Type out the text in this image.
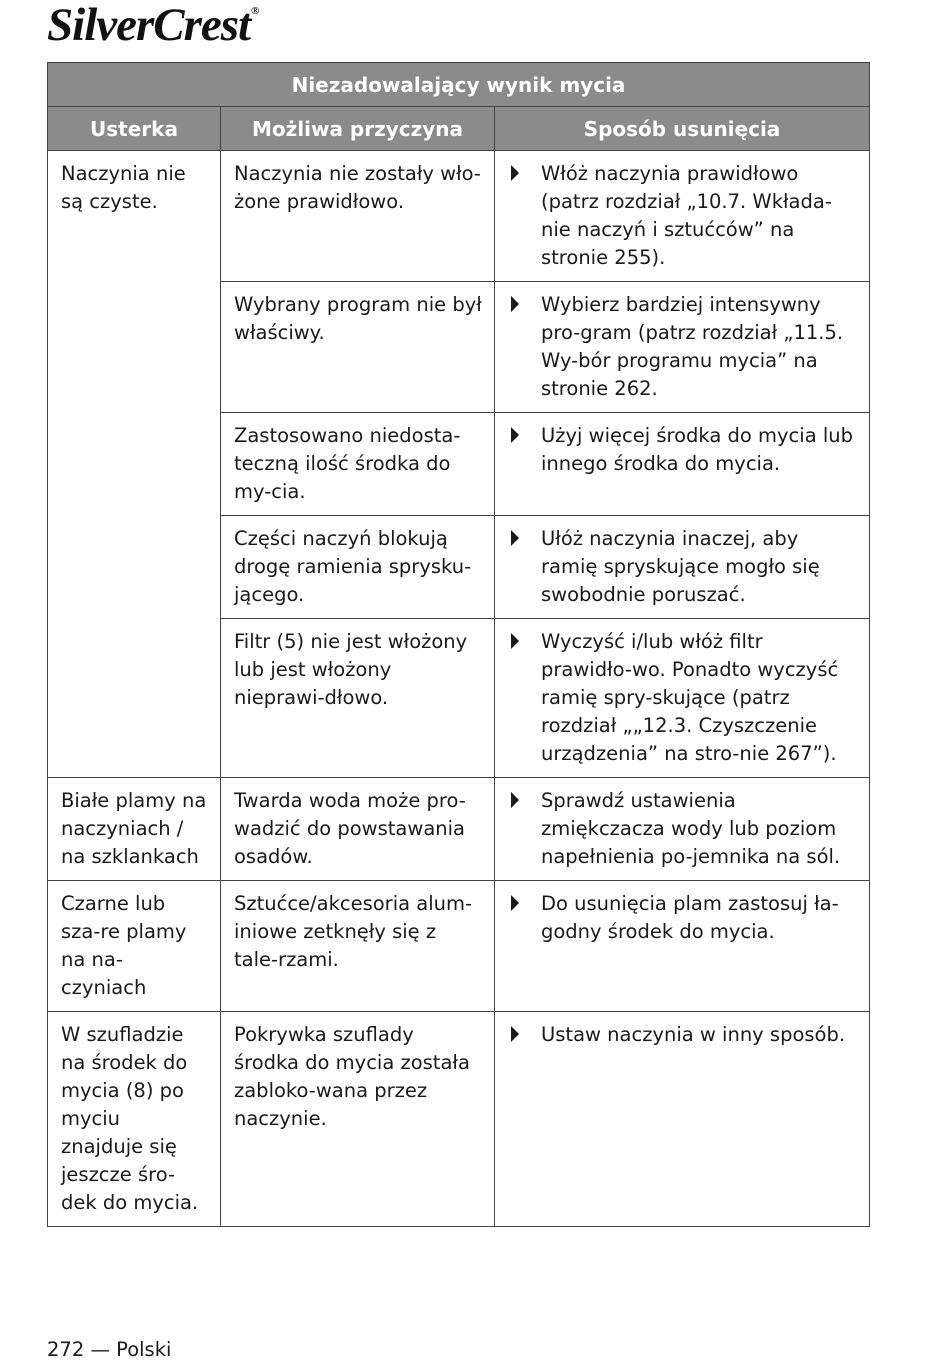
SilverCrest®
Niezadowalający wynik mycia		
Usterka	Możliwa przyczyna	Sposób usunięcia
Naczynia nie są czyste.	Naczynia nie zostały wło-żone prawidłowo.	Włóż naczynia prawidłowo (patrz rozdział „10.7. Wkłada-nie naczyń i sztućców” na stronie 255).
	Wybrany program nie był właściwy.	Wybierz bardziej intensywny pro-gram (patrz rozdział „11.5. Wy-bór programu mycia” na stronie 262.
	Zastosowano niedosta-teczną ilość środka do my-cia.	Użyj więcej środka do mycia lub innego środka do mycia.
	Części naczyń blokują drogę ramienia sprysku-jącego.	Ułóż naczynia inaczej, aby ramię spryskujące mogło się swobodnie poruszać.
	Filtr (5) nie jest włożony lub jest włożony nieprawi-dłowo.	Wyczyść i/lub włóż filtr prawidło-wo. Ponadto wyczyść ramię spry-skujące (patrz rozdział „„12.3. Czyszczenie urządzenia” na stro-nie 267”).
Białe plamy na naczyniach / na szklankach	Twarda woda może pro-wadzić do powstawania osadów.	Sprawdź ustawienia zmiękczacza wody lub poziom napełnienia po-jemnika na sól.
Czarne lub sza-re plamy na na-czyniach	Sztućce/akcesoria alum-iniowe zetknęły się z tale-rzami.	Do usunięcia plam zastosuj ła-godny środek do mycia.
W szufladzie na środek do mycia (8) po myciu znajduje się jeszcze śro-dek do mycia.	Pokrywka szuflady środka do mycia została zabloko-wana przez naczynie.	Ustaw naczynia w inny sposób.
272 — Polski
